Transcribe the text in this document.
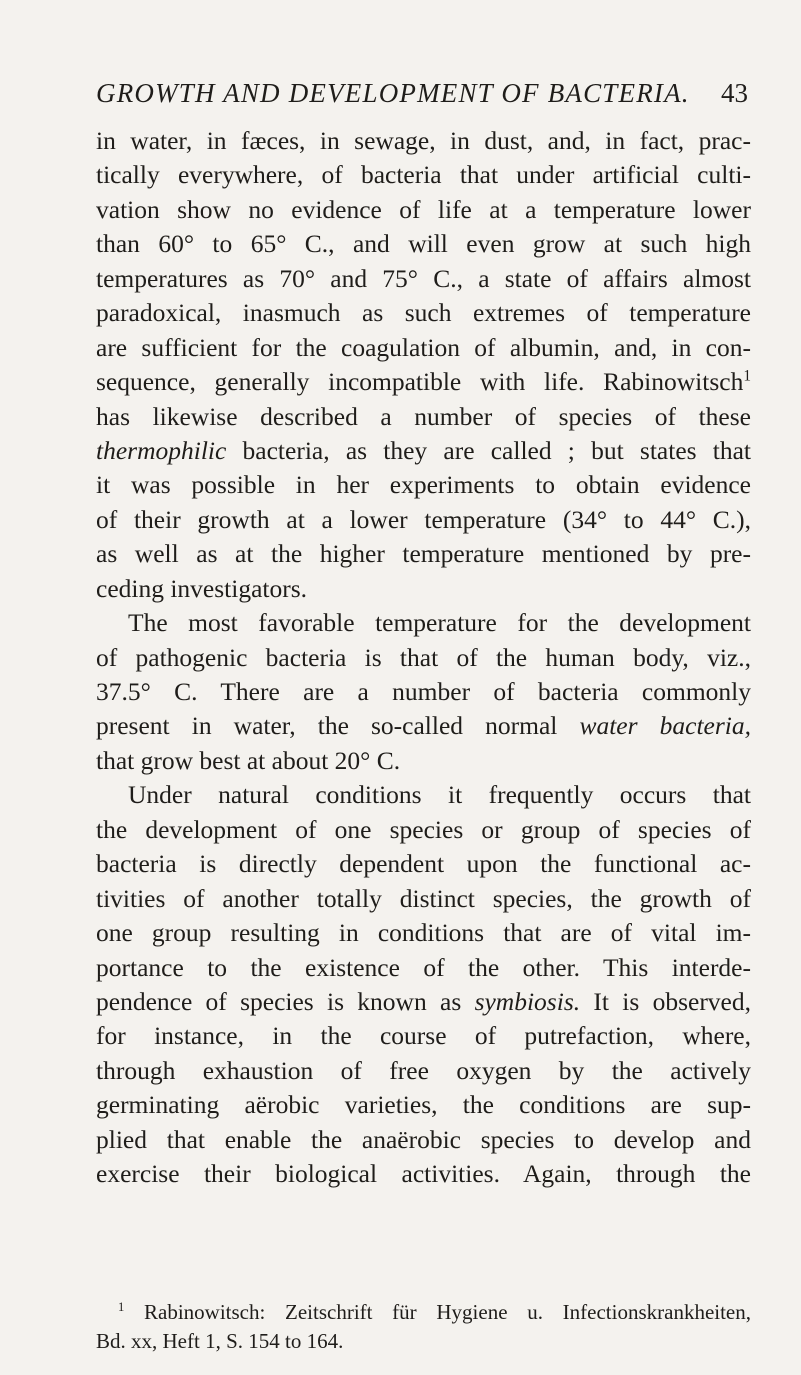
GROWTH AND DEVELOPMENT OF BACTERIA. 43
in water, in fæces, in sewage, in dust, and, in fact, prac-
tically everywhere, of bacteria that under artificial culti-
vation show no evidence of life at a temperature lower
than 60° to 65° C., and will even grow at such high
temperatures as 70° and 75° C., a state of affairs almost
paradoxical, inasmuch as such extremes of temperature
are sufficient for the coagulation of albumin, and, in con-
sequence, generally incompatible with life. Rabinowitsch$^1$
has likewise described a number of species of these
thermophilic bacteria, as they are called ; but states that
it was possible in her experiments to obtain evidence
of their growth at a lower temperature (34° to 44° C.),
as well as at the higher temperature mentioned by pre-
ceding investigators.
The most favorable temperature for the development
of pathogenic bacteria is that of the human body, viz.,
37.5° C. There are a number of bacteria commonly
present in water, the so-called normal water bacteria,
that grow best at about 20° C.
Under natural conditions it frequently occurs that
the development of one species or group of species of
bacteria is directly dependent upon the functional ac-
tivities of another totally distinct species, the growth of
one group resulting in conditions that are of vital im-
portance to the existence of the other. This interde-
pendence of species is known as symbiosis. It is observed,
for instance, in the course of putrefaction, where,
through exhaustion of free oxygen by the actively
germinating aërobic varieties, the conditions are sup-
plied that enable the anaërobic species to develop and
exercise their biological activities. Again, through the
$^1$ Rabinowitsch: Zeitschrift für Hygiene u. Infectionskrankheiten,
Bd. xx, Heft 1, S. 154 to 164.
